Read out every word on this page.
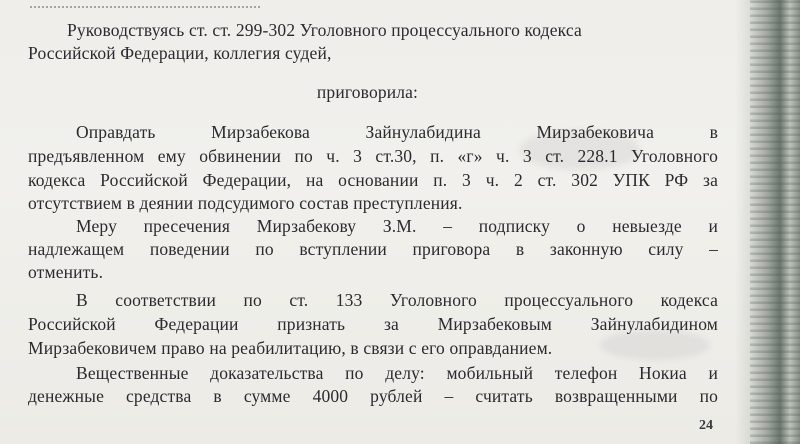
Руководствуясь ст. ст. 299-302 Уголовного процессуального кодекса
Российской Федерации, коллегия судей,
приговорила:
Оправдать Мирзабекова Зайнулабидина Мирзабековича в
предъявленном ему обвинении по ч. 3 ст.30, п. «г» ч. 3 ст. 228.1 Уголовного
кодекса Российской Федерации, на основании п. 3 ч. 2 ст. 302 УПК РФ за
отсутствием в деянии подсудимого состав преступления.
Меру пресечения Мирзабекову З.М. – подписку о невыезде и
надлежащем поведении по вступлении приговора в законную силу –
отменить.
В соответствии по ст. 133 Уголовного процессуального кодекса
Российской Федерации признать за Мирзабековым Зайнулабидином
Мирзабековичем право на реабилитацию, в связи с его оправданием.
Вещественные доказательства по делу: мобильный телефон Нокиа и
денежные средства в сумме 4000 рублей – считать возвращенными по
24
